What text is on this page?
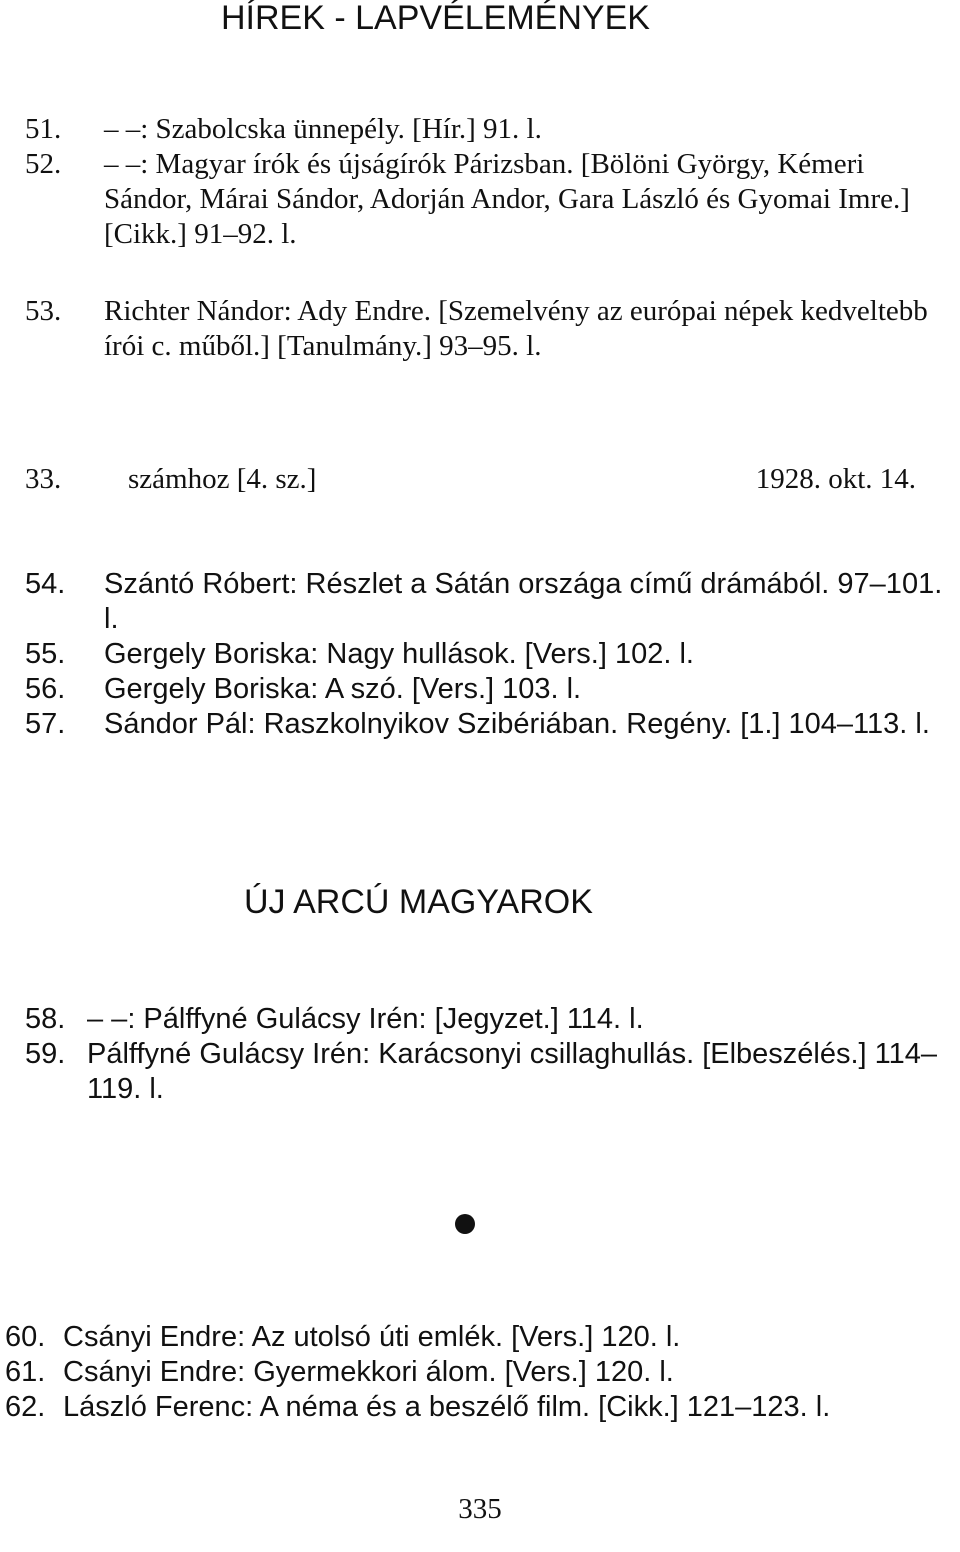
HÍREK - LAPVÉLEMÉNYEK
51.	– –: Szabolcska ünnepély. [Hír.] 91. l.
52.	– –: Magyar írók és újságírók Párizsban. [Bölöni György, Kémeri Sándor, Márai Sándor, Adorján Andor, Gara László és Gyomai Imre.] [Cikk.] 91–92. l.
53.	Richter Nándor: Ady Endre. [Szemelvény az európai népek kedveltebb írói c. műből.] [Tanulmány.] 93–95. l.
33. számhoz [4. sz.]	1928. okt. 14.
54.	Szántó Róbert: Részlet a Sátán országa című drámából. 97–101. l.
55.	Gergely Boriska: Nagy hullások. [Vers.] 102. l.
56.	Gergely Boriska: A szó. [Vers.] 103. l.
57.	Sándor Pál: Raszkolnyikov Szibériában. Regény. [1.] 104–113. l.
ÚJ ARCÚ MAGYAROK
58. – –: Pálffyné Gulácsy Irén: [Jegyzet.] 114. l.
59. Pálffyné Gulácsy Irén: Karácsonyi csillaghullás. [Elbeszélés.] 114–119. l.
60. Csányi Endre: Az utolsó úti emlék. [Vers.] 120. l.
61. Csányi Endre: Gyermekkori álom. [Vers.] 120. l.
62. László Ferenc: A néma és a beszélő film. [Cikk.] 121–123. l.
335
